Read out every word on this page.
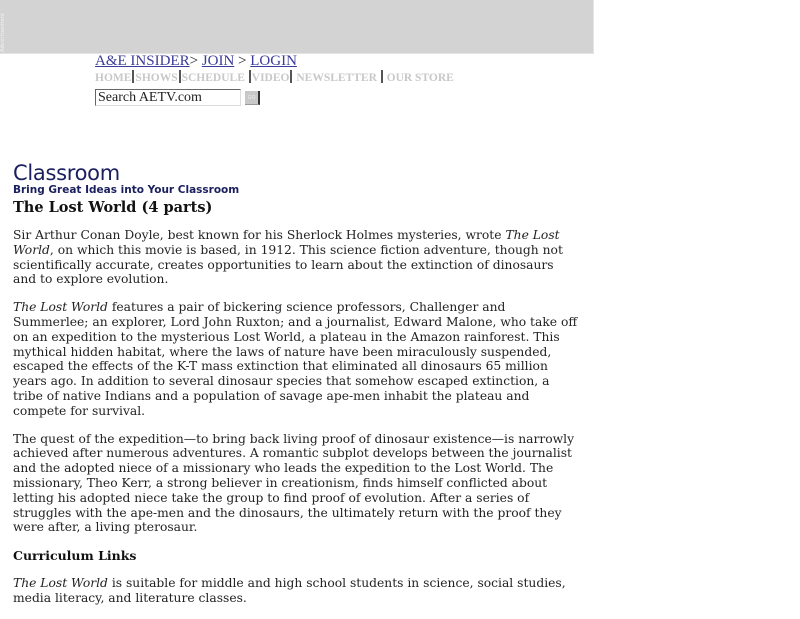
Advertisement
A&E INSIDER> JOIN > LOGIN
HOME SHOWS SCHEDULE VIDEO NEWSLETTER OUR STORE
Search AETV.com
GO
Classroom
Bring Great Ideas into Your Classroom
The Lost World (4 parts)

Sir Arthur Conan Doyle, best known for his Sherlock Holmes mysteries, wrote The Lost World, on which this movie is based, in 1912. This science fiction adventure, though not scientifically accurate, creates opportunities to learn about the extinction of dinosaurs and to explore evolution.

The Lost World features a pair of bickering science professors, Challenger and Summerlee; an explorer, Lord John Ruxton; and a journalist, Edward Malone, who take off on an expedition to the mysterious Lost World, a plateau in the Amazon rainforest. This mythical hidden habitat, where the laws of nature have been miraculously suspended, escaped the effects of the K-T mass extinction that eliminated all dinosaurs 65 million years ago. In addition to several dinosaur species that somehow escaped extinction, a tribe of native Indians and a population of savage ape-men inhabit the plateau and compete for survival.

The quest of the expedition—to bring back living proof of dinosaur existence—is narrowly achieved after numerous adventures. A romantic subplot develops between the journalist and the adopted niece of a missionary who leads the expedition to the Lost World. The missionary, Theo Kerr, a strong believer in creationism, finds himself conflicted about letting his adopted niece take the group to find proof of evolution. After a series of struggles with the ape-men and the dinosaurs, the ultimately return with the proof they were after, a living pterosaur.

Curriculum Links

The Lost World is suitable for middle and high school students in science, social studies, media literacy, and literature classes.
